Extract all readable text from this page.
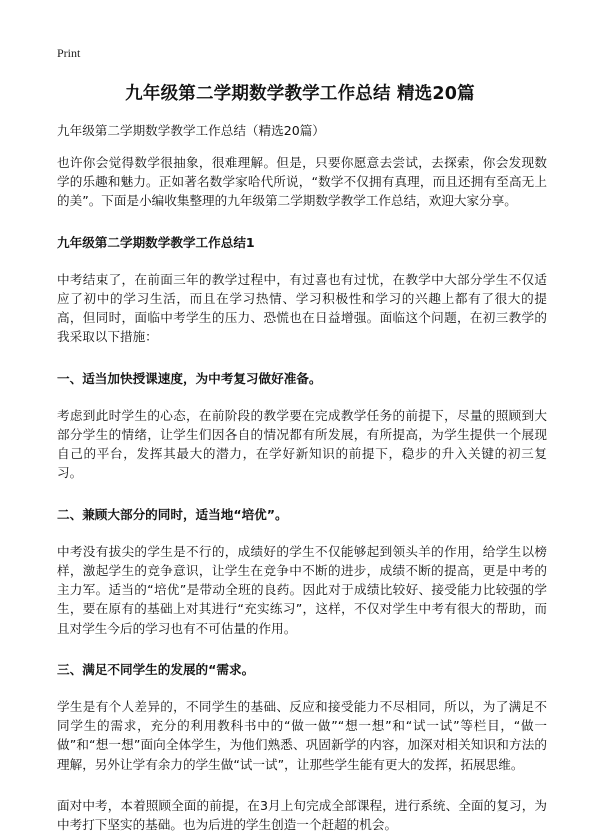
Print
九年级第二学期数学教学工作总结 精选20篇

九年级第二学期数学教学工作总结（精选20篇）

也许你会觉得数学很抽象，很难理解。但是，只要你愿意去尝试，去探索，你会发现数学的乐趣和魅力。正如著名数学家哈代所说，“数学不仅拥有真理，而且还拥有至高无上的美”。下面是小编收集整理的九年级第二学期数学教学工作总结，欢迎大家分享。

九年级第二学期数学教学工作总结1

中考结束了，在前面三年的教学过程中，有过喜也有过忧，在教学中大部分学生不仅适应了初中的学习生活，而且在学习热情、学习积极性和学习的兴趣上都有了很大的提高，但同时，面临中考学生的压力、恐慌也在日益增强。面临这个问题，在初三教学的我采取以下措施：

一、适当加快授课速度，为中考复习做好准备。

考虑到此时学生的心态，在前阶段的教学要在完成教学任务的前提下，尽量的照顾到大部分学生的情绪，让学生们因各自的情况都有所发展，有所提高，为学生提供一个展现自己的平台，发挥其最大的潜力，在学好新知识的前提下，稳步的升入关键的初三复习。

二、兼顾大部分的同时，适当地“培优”。

中考没有拔尖的学生是不行的，成绩好的学生不仅能够起到领头羊的作用，给学生以榜样，激起学生的竞争意识，让学生在竞争中不断的进步，成绩不断的提高，更是中考的主力军。适当的“培优”是带动全班的良药。因此对于成绩比较好、接受能力比较强的学生，要在原有的基础上对其进行“充实练习”，这样，不仅对学生中考有很大的帮助，而且对学生今后的学习也有不可估量的作用。

三、满足不同学生的发展的“需求。

学生是有个人差异的，不同学生的基础、反应和接受能力不尽相同，所以，为了满足不同学生的需求，充分的利用教科书中的“做一做”“想一想”和“试一试”等栏目，“做一做”和“想一想”面向全体学生，为他们熟悉、巩固新学的内容，加深对相关知识和方法的理解，另外让学有余力的学生做“试一试”，让那些学生能有更大的发挥，拓展思维。

面对中考，本着照顾全面的前提，在3月上旬完成全部课程，进行系统、全面的复习，为中考打下坚实的基础。也为后进的学生创造一个赶超的机会。
